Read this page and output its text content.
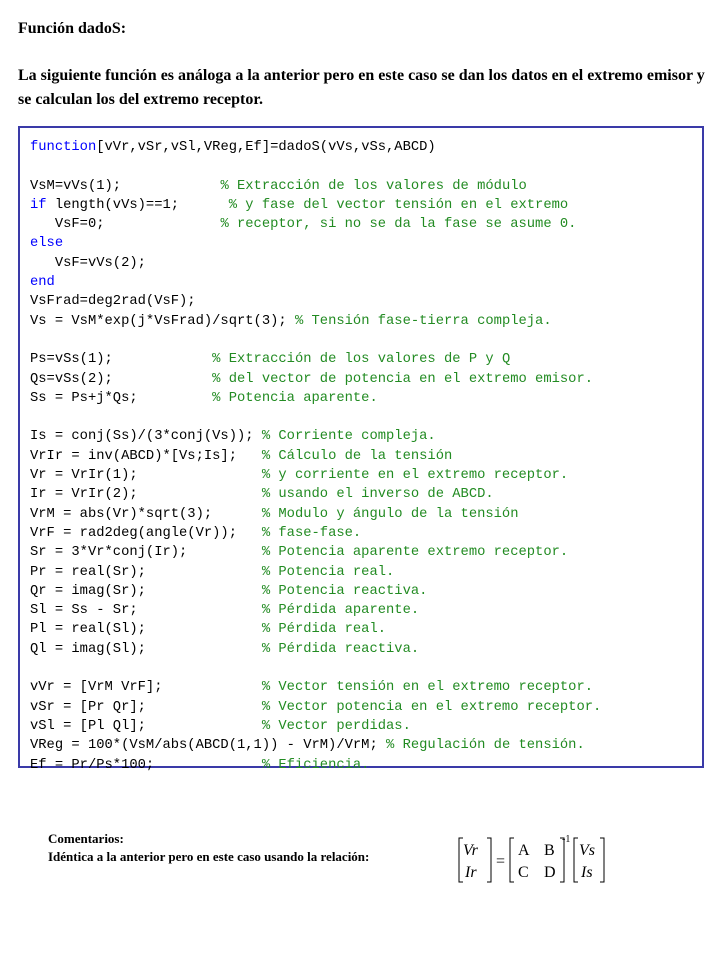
Función dadoS:
La siguiente función es análoga a la anterior pero en este caso se dan los datos en el extremo emisor y se calculan los del extremo receptor.
function[vVr,vSr,vSl,VReg,Ef]=dadoS(vVs,vSs,ABCD)

VsM=vVs(1);            % Extracción de los valores de módulo
if length(vVs)==1;      % y fase del vector tensión en el extremo
VsF=0;              % receptor, si no se da la fase se asume 0.
else
VsF=vVs(2);
end
VsFrad=deg2rad(VsF);
Vs = VsM*exp(j*VsFrad)/sqrt(3); % Tensión fase-tierra compleja.

Ps=vSs(1);            % Extracción de los valores de P y Q
Qs=vSs(2);            % del vector de potencia en el extremo emisor.
Ss = Ps+j*Qs;         % Potencia aparente.

Is = conj(Ss)/(3*conj(Vs)); % Corriente compleja.
VrIr = inv(ABCD)*[Vs;Is];   % Cálculo de la tensión
Vr = VrIr(1);               % y corriente en el extremo receptor.
Ir = VrIr(2);               % usando el inverso de ABCD.
VrM = abs(Vr)*sqrt(3);      % Modulo y ángulo de la tensión
VrF = rad2deg(angle(Vr));   % fase-fase.
Sr = 3*Vr*conj(Ir);         % Potencia aparente extremo receptor.
Pr = real(Sr);              % Potencia real.
Qr = imag(Sr);              % Potencia reactiva.
Sl = Ss - Sr;               % Pérdida aparente.
Pl = real(Sl);              % Pérdida real.
Ql = imag(Sl);              % Pérdida reactiva.

vVr = [VrM VrF];            % Vector tensión en el extremo receptor.
vSr = [Pr Qr];              % Vector potencia en el extremo receptor.
vSl = [Pl Ql];              % Vector perdidas.
VReg = 100*(VsM/abs(ABCD(1,1)) - VrM)/VrM; % Regulación de tensión.
Ef = Pr/Ps*100;             % Eficiencia.
Comentarios:
Idéntica a la anterior pero en este caso usando la relación:	Vr
Ir
=
A B
C D
-1
Vs
Is
